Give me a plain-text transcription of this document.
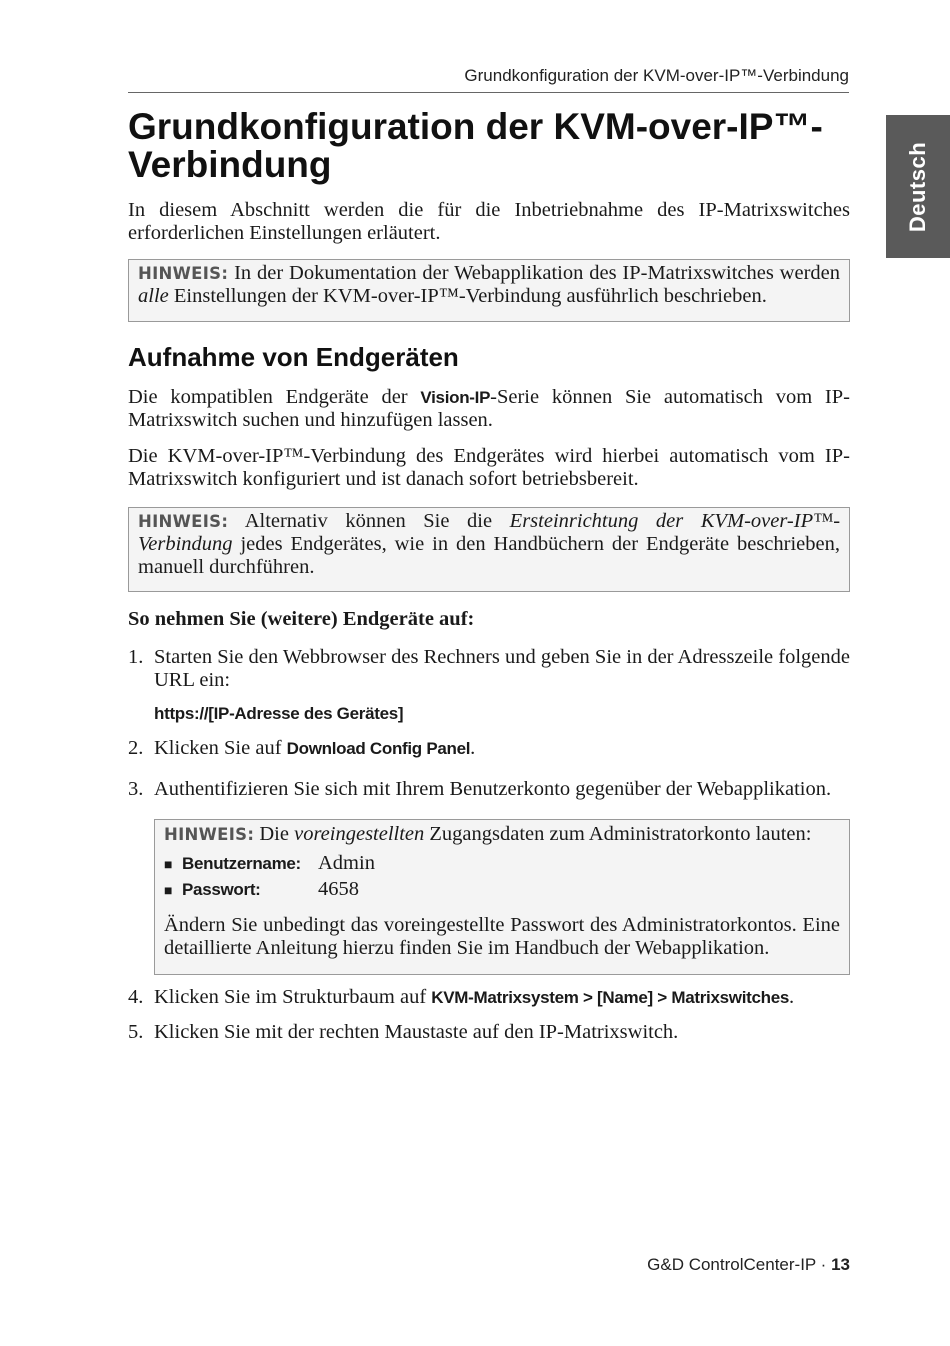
Grundkonfiguration der KVM-over-IP™-Verbindung
Deutsch
Grundkonfiguration der KVM-over-IP™-Verbindung

In diesem Abschnitt werden die für die Inbetriebnahme des IP-Matrixswitches erforderlichen Einstellungen erläutert.

HINWEIS: In der Dokumentation der Webapplikation des IP-Matrixswitches werden alle Einstellungen der KVM-over-IP™-Verbindung ausführlich beschrieben.
Aufnahme von Endgeräten

Die kompatiblen Endgeräte der Vision-IP-Serie können Sie automatisch vom IP-Matrixswitch suchen und hinzufügen lassen.

Die KVM-over-IP™-Verbindung des Endgerätes wird hierbei automatisch vom IP-Matrixswitch konfiguriert und ist danach sofort betriebsbereit.

HINWEIS: Alternativ können Sie die Ersteinrichtung der KVM-over-IP™-Verbindung jedes Endgerätes, wie in den Handbüchern der Endgeräte beschrieben, manuell durchführen.

So nehmen Sie (weitere) Endgeräte auf:

1. Starten Sie den Webbrowser des Rechners und geben Sie in der Adresszeile folgende URL ein:
https://[IP-Adresse des Gerätes]
2. Klicken Sie auf Download Config Panel.
3. Authentifizieren Sie sich mit Ihrem Benutzerkonto gegenüber der Webapplikation.
HINWEIS: Die voreingestellten Zugangsdaten zum Administratorkonto lauten:
■ Benutzername: Admin
■ Passwort:	4658
Ändern Sie unbedingt das voreingestellte Passwort des Administratorkontos. Eine detaillierte Anleitung hierzu finden Sie im Handbuch der Webapplikation.
4. Klicken Sie im Strukturbaum auf KVM-Matrixsystem > [Name] > Matrixswitches.
5. Klicken Sie mit der rechten Maustaste auf den IP-Matrixswitch.
G&D ControlCenter-IP · 13
